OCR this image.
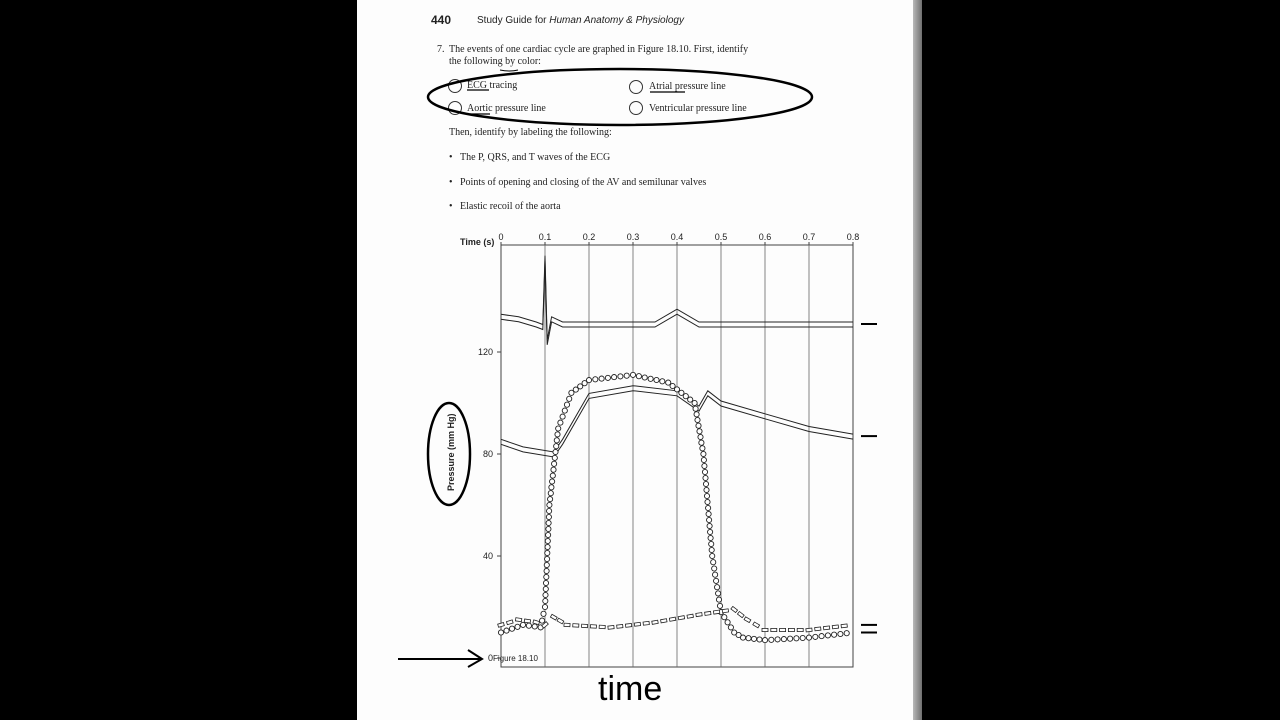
440	Study Guide for Human Anatomy & Physiology
7. The events of one cardiac cycle are graphed in Figure 18.10. First, identify
the following by color:
ECG tracing	Atrial pressure line
Aortic pressure line	Ventricular pressure line
Then, identify by labeling the following:
• The P, QRS, and T waves of the ECG
• Points of opening and closing of the AV and semilunar valves
• Elastic recoil of the aorta
Time (s)
Figure 18.10
Pressure (mm Hg)
time
0	0.1	0.2	0.3	0.4	0.5	0.6	0.7	0.8
0
40
80
120
